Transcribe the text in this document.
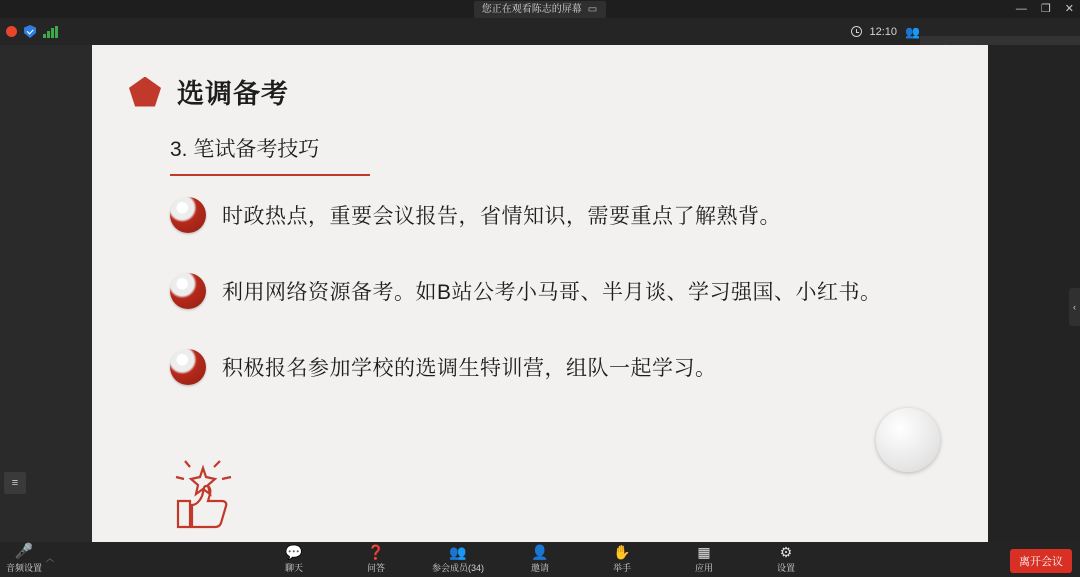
您正在观看陈志的屏幕 ▭	— ❐ ✕
12:10 👥
≡
选调备考
3. 笔试备考技巧
时政热点，重要会议报告，省情知识，需要重点了解熟背。
利用网络资源备考。如B站公考小马哥、半月谈、学习强国、小红书。
积极报名参加学校的选调生特训营，组队一起学习。
‹
🎤
音频设置
︿	💬
聊天
❓
问答
👥
参会成员(34)
👤
邀请
✋
举手
▦
应用
⚙
设置	离开会议
